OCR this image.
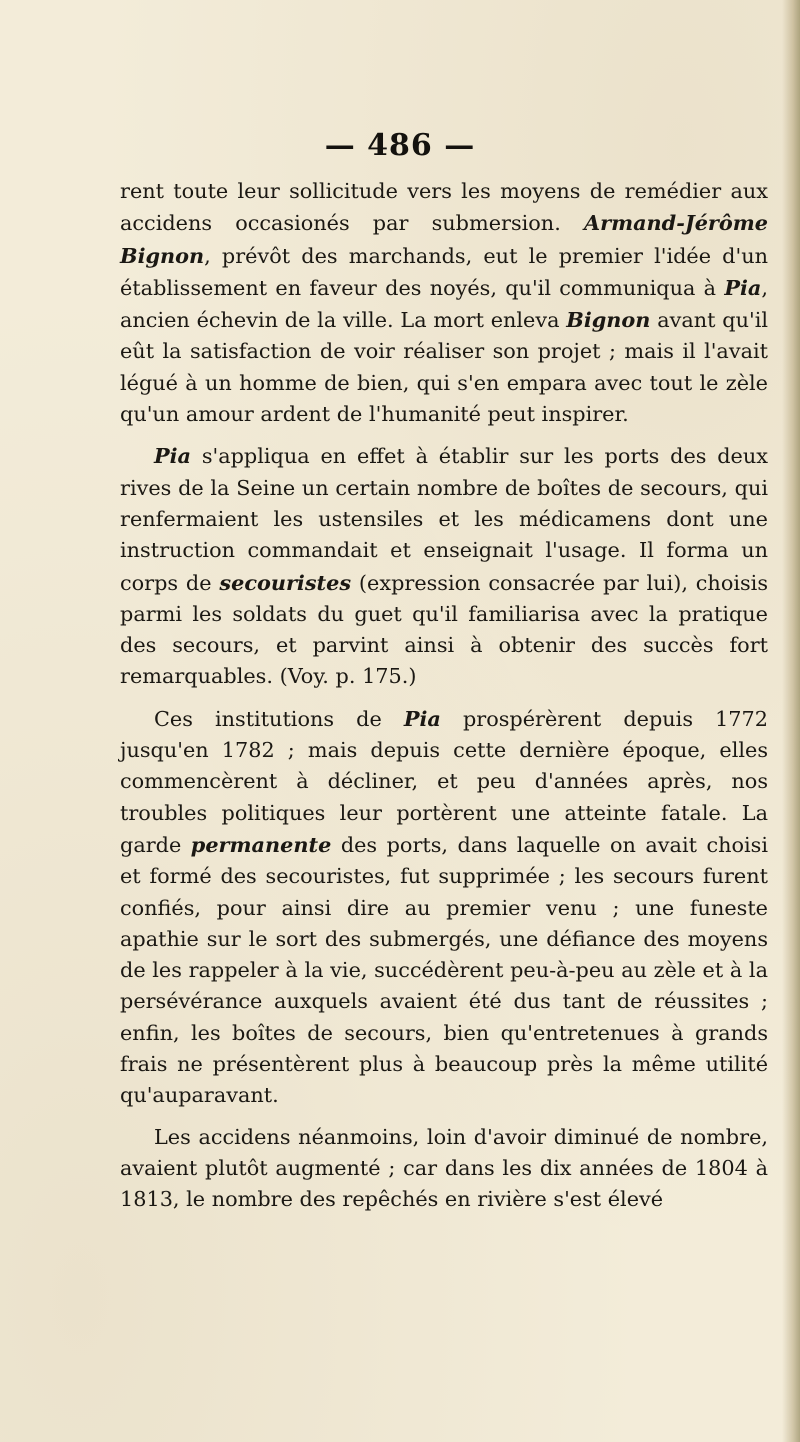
— 486 —

rent toute leur sollicitude vers les moyens de remédier aux accidens occasionés par submersion. Armand-Jérôme Bignon, prévôt des marchands, eut le premier l'idée d'un établissement en faveur des noyés, qu'il communiqua à Pia, ancien échevin de la ville. La mort enleva Bignon avant qu'il eût la satisfaction de voir réaliser son projet ; mais il l'avait légué à un homme de bien, qui s'en empara avec tout le zèle qu'un amour ardent de l'humanité peut inspirer.

Pia s'appliqua en effet à établir sur les ports des deux rives de la Seine un certain nombre de boîtes de secours, qui renfermaient les ustensiles et les médicamens dont une instruction commandait et enseignait l'usage. Il forma un corps de secouristes (expression consacrée par lui), choisis parmi les soldats du guet qu'il familiarisa avec la pratique des secours, et parvint ainsi à obtenir des succès fort remarquables. (Voy. p. 175.)

Ces institutions de Pia prospérèrent depuis 1772 jusqu'en 1782 ; mais depuis cette dernière époque, elles commencèrent à décliner, et peu d'années après, nos troubles politiques leur portèrent une atteinte fatale. La garde permanente des ports, dans laquelle on avait choisi et formé des secouristes, fut supprimée ; les secours furent confiés, pour ainsi dire au premier venu ; une funeste apathie sur le sort des submergés, une défiance des moyens de les rappeler à la vie, succédèrent peu-à-peu au zèle et à la persévérance auxquels avaient été dus tant de réussites ; enfin, les boîtes de secours, bien qu'entretenues à grands frais ne présentèrent plus à beaucoup près la même utilité qu'auparavant.

Les accidens néanmoins, loin d'avoir diminué de nombre, avaient plutôt augmenté ; car dans les dix années de 1804 à 1813, le nombre des repêchés en rivière s'est élevé
